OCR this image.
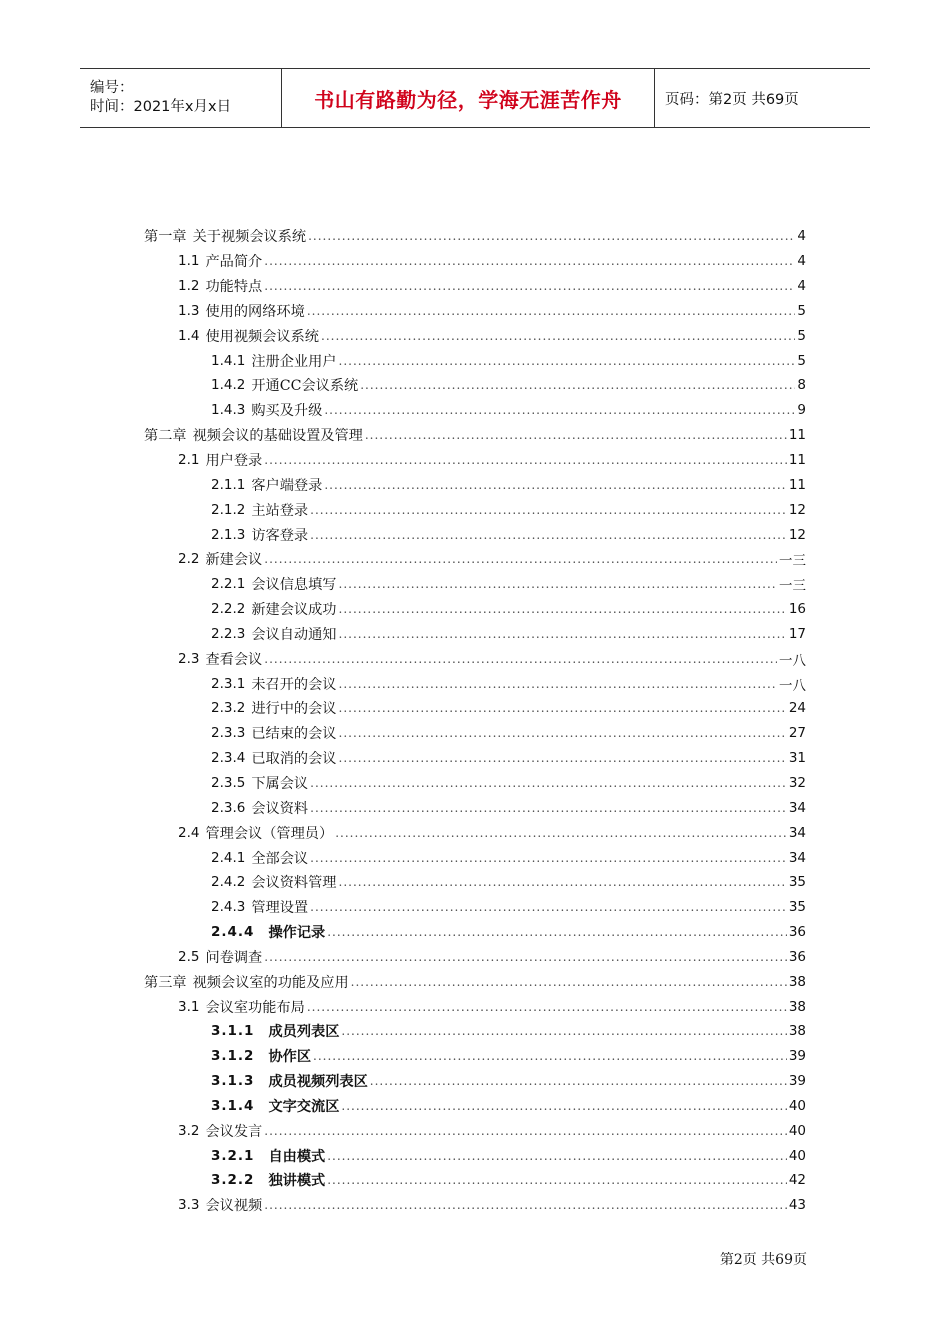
编号：
时间：2021年x月x日	书山有路勤为径，学海无涯苦作舟	页码：第2页 共69页
第一章 关于视频会议系统 .....	4
1.1 产品简介 .....	4
1.2 功能特点 .....	4
1.3 使用的网络环境 .....	5
1.4 使用视频会议系统 .....	5
1.4.1 注册企业用户 .....	5
1.4.2 开通CC会议系统 .....	8
1.4.3 购买及升级 .....	9
第二章 视频会议的基础设置及管理 .....	11
2.1 用户登录 .....	11
2.1.1 客户端登录 .....	11
2.1.2 主站登录 .....	12
2.1.3 访客登录 .....	12
2.2 新建会议 .....	一三
2.2.1 会议信息填写 .....	一三
2.2.2 新建会议成功 .....	16
2.2.3 会议自动通知 .....	17
2.3 查看会议 .....	一八
2.3.1 未召开的会议 .....	一八
2.3.2 进行中的会议 .....	24
2.3.3 已结束的会议 .....	27
2.3.4 已取消的会议 .....	31
2.3.5 下属会议 .....	32
2.3.6 会议资料 .....	34
2.4 管理会议（管理员） .....	34
2.4.1 全部会议 .....	34
2.4.2 会议资料管理 .....	35
2.4.3 管理设置 .....	35
2.4.4 操作记录 .....	36
2.5 问卷调查 .....	36
第三章 视频会议室的功能及应用 .....	38
3.1 会议室功能布局 .....	38
3.1.1 成员列表区 .....	38
3.1.2 协作区 .....	39
3.1.3 成员视频列表区 .....	39
3.1.4 文字交流区 .....	40
3.2 会议发言 .....	40
3.2.1 自由模式 .....	40
3.2.2 独讲模式 .....	42
3.3 会议视频 .....	43
第2页 共69页
